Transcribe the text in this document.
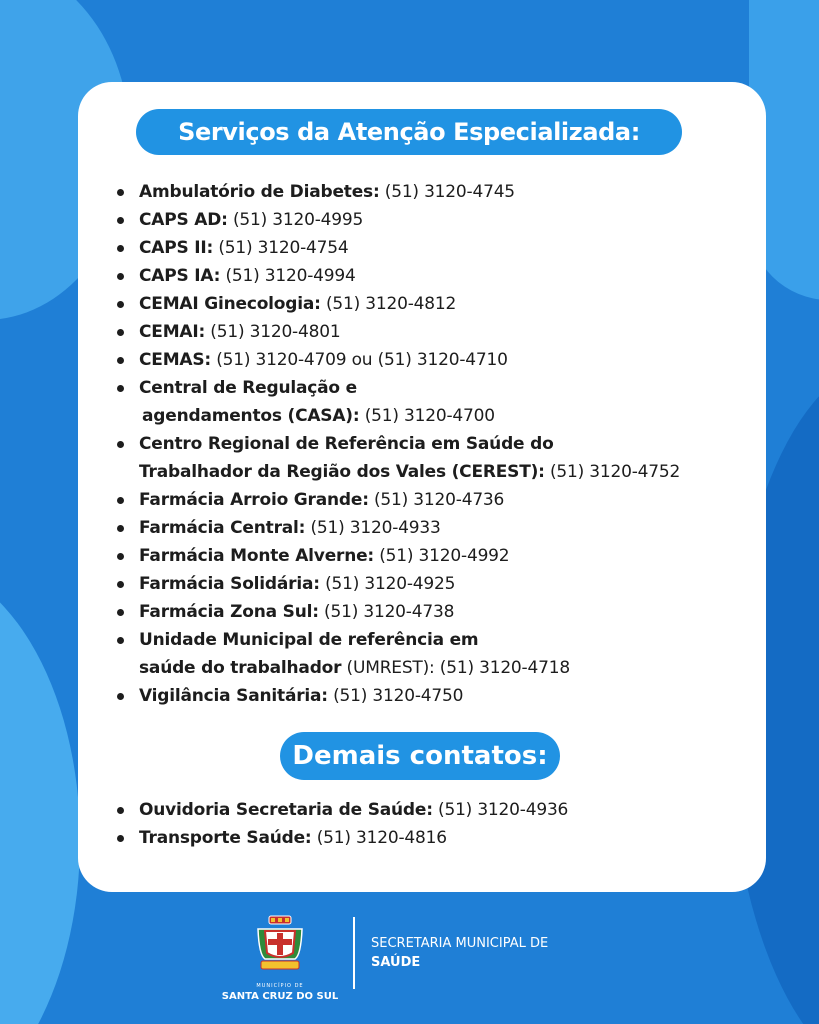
Serviços da Atenção Especializada:
Ambulatório de Diabetes: (51) 3120-4745
CAPS AD: (51) 3120-4995
CAPS II: (51) 3120-4754
CAPS IA: (51) 3120-4994
CEMAI Ginecologia: (51) 3120-4812
CEMAI: (51) 3120-4801
CEMAS: (51) 3120-4709 ou (51) 3120-4710
Central de Regulação e
agendamentos (CASA): (51) 3120-4700
Centro Regional de Referência em Saúde do
Trabalhador da Região dos Vales (CEREST): (51) 3120-4752
Farmácia Arroio Grande: (51) 3120-4736
Farmácia Central: (51) 3120-4933
Farmácia Monte Alverne: (51) 3120-4992
Farmácia Solidária: (51) 3120-4925
Farmácia Zona Sul: (51) 3120-4738
Unidade Municipal de referência em
saúde do trabalhador (UMREST): (51) 3120-4718
Vigilância Sanitária: (51) 3120-4750
Demais contatos:
Ouvidoria Secretaria de Saúde: (51) 3120-4936
Transporte Saúde: (51) 3120-4816
MUNICÍPIO DE
SANTA CRUZ DO SUL
SECRETARIA MUNICIPAL DE
SAÚDE
